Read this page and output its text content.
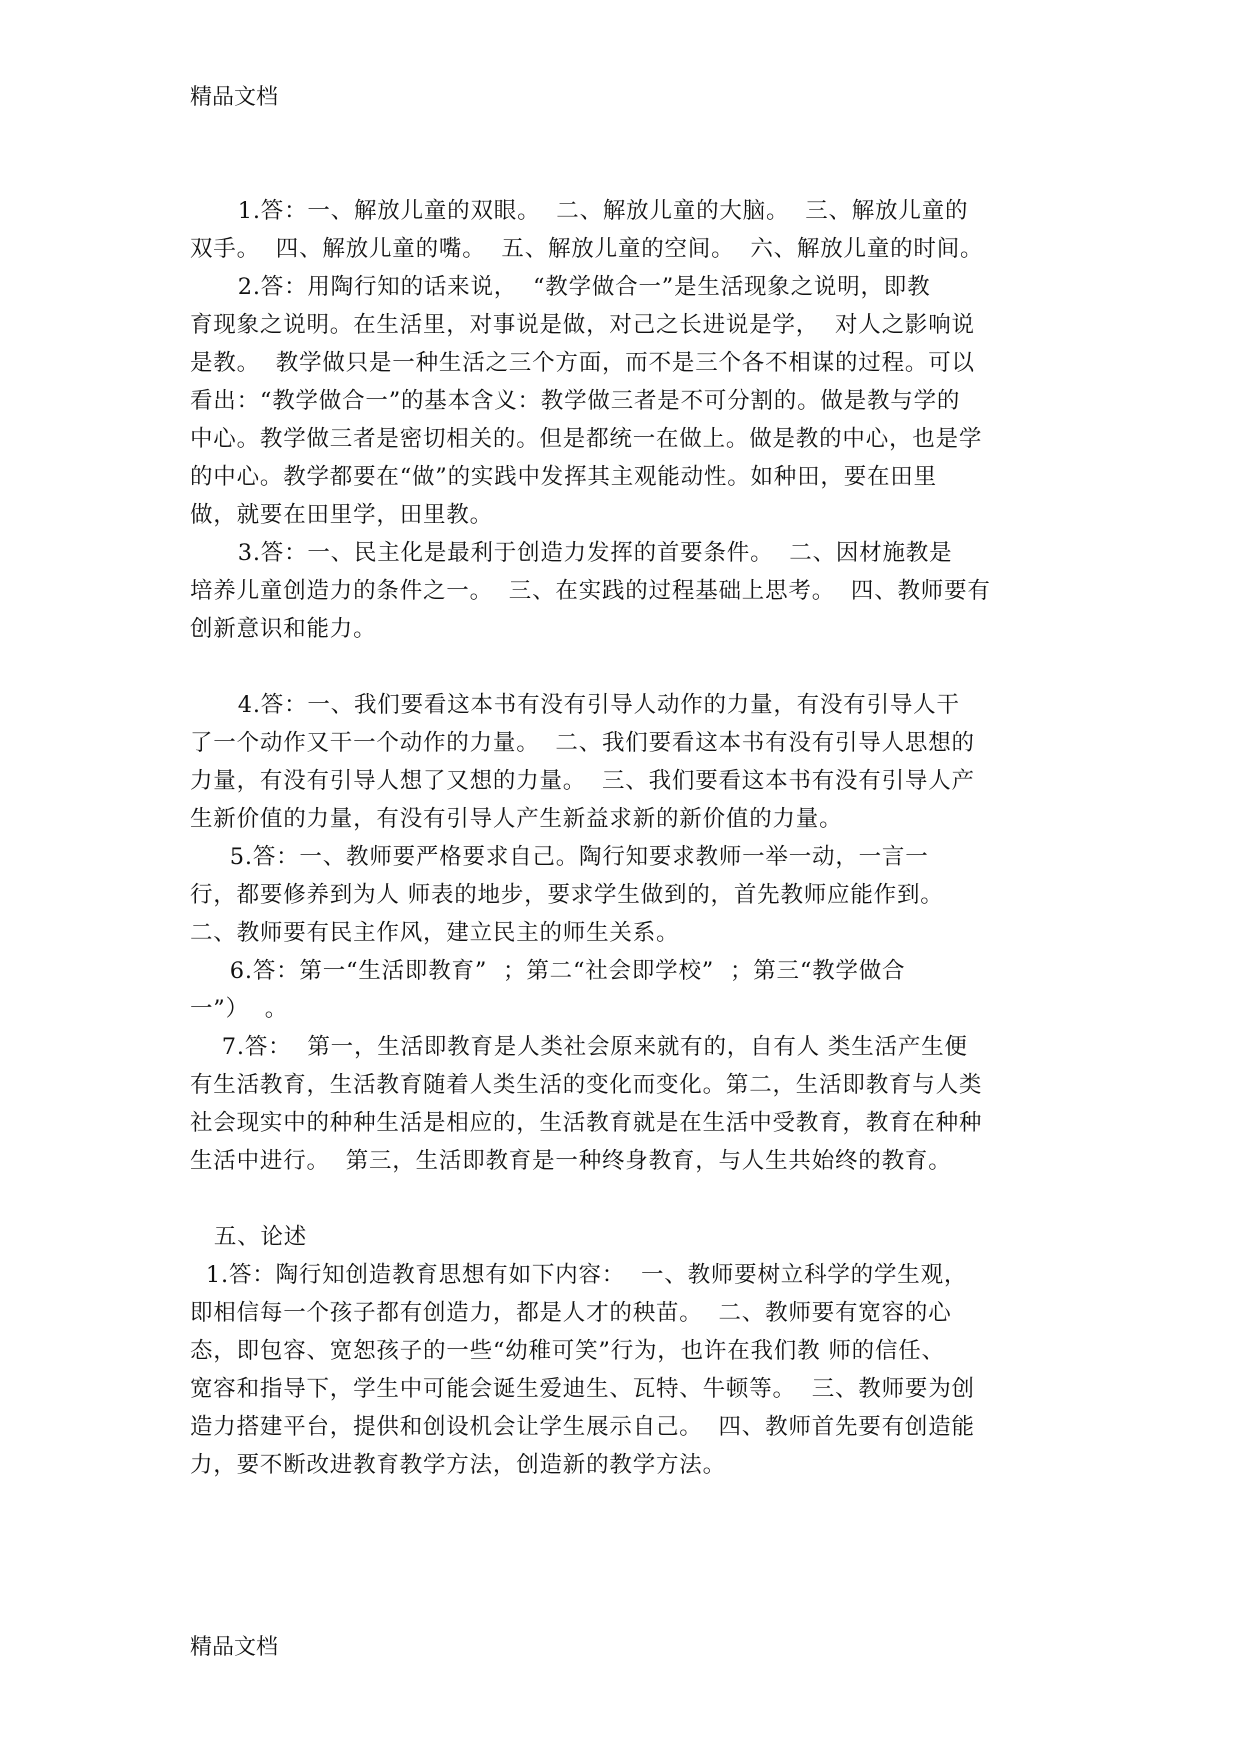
精品文档
1.答：一、解放儿童的双眼。  二、解放儿童的大脑。  三、解放儿童的
双手。  四、解放儿童的嘴。  五、解放儿童的空间。  六、解放儿童的时间。
2.答：用陶行知的话来说，  “教学做合一”是生活现象之说明，即教
育现象之说明。在生活里，对事说是做，对己之长进说是学，  对人之影响说
是教。  教学做只是一种生活之三个方面，而不是三个各不相谋的过程。可以
看出：“教学做合一”的基本含义：教学做三者是不可分割的。做是教与学的
中心。教学做三者是密切相关的。但是都统一在做上。做是教的中心，也是学
的中心。教学都要在“做”的实践中发挥其主观能动性。如种田，要在田里
做，就要在田里学，田里教。
3.答：一、民主化是最利于创造力发挥的首要条件。  二、因材施教是
培养儿童创造力的条件之一。  三、在实践的过程基础上思考。  四、教师要有
创新意识和能力。
4.答：一、我们要看这本书有没有引导人动作的力量，有没有引导人干
了一个动作又干一个动作的力量。  二、我们要看这本书有没有引导人思想的
力量，有没有引导人想了又想的力量。  三、我们要看这本书有没有引导人产
生新价值的力量，有没有引导人产生新益求新的新价值的力量。
5.答：一、教师要严格要求自己。陶行知要求教师一举一动，一言一
行，都要修养到为人 师表的地步，要求学生做到的，首先教师应能作到。
二、教师要有民主作风，建立民主的师生关系。
6.答：第一“生活即教育”  ；第二“社会即学校”  ；第三“教学做合
一”）  。
7.答：  第一，生活即教育是人类社会原来就有的，自有人 类生活产生便
有生活教育，生活教育随着人类生活的变化而变化。第二，生活即教育与人类
社会现实中的种种生活是相应的，生活教育就是在生活中受教育，教育在种种
生活中进行。  第三，生活即教育是一种终身教育，与人生共始终的教育。
五、论述
1.答：陶行知创造教育思想有如下内容：  一、教师要树立科学的学生观，
即相信每一个孩子都有创造力，都是人才的秧苗。  二、教师要有宽容的心
态，即包容、宽恕孩子的一些“幼稚可笑”行为，也许在我们教 师的信任、
宽容和指导下，学生中可能会诞生爱迪生、瓦特、牛顿等。  三、教师要为创
造力搭建平台，提供和创设机会让学生展示自己。  四、教师首先要有创造能
力，要不断改进教育教学方法，创造新的教学方法。
精品文档
